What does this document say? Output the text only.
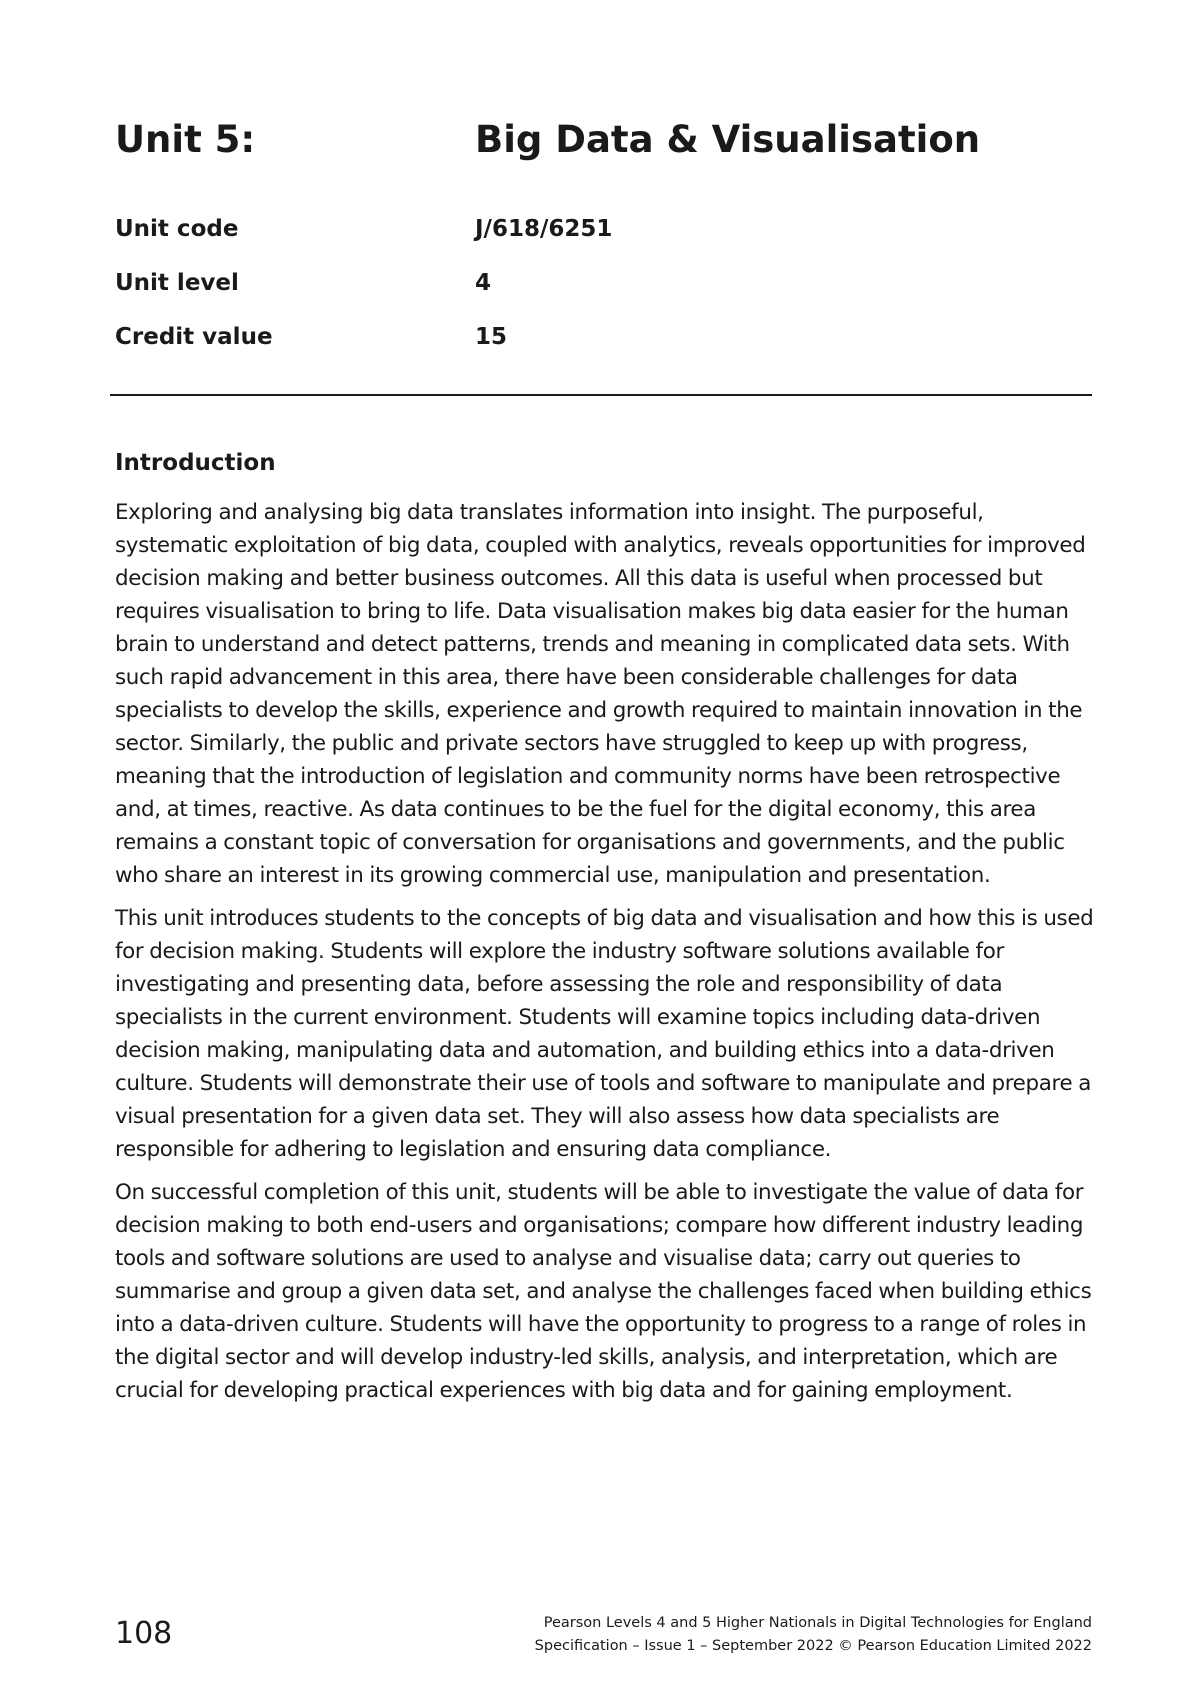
Unit 5:	Big Data & Visualisation
Unit code	J/618/6251
Unit level	4
Credit value	15
Introduction

Exploring and analysing big data translates information into insight. The purposeful, systematic exploitation of big data, coupled with analytics, reveals opportunities for improved decision making and better business outcomes. All this data is useful when processed but requires visualisation to bring to life. Data visualisation makes big data easier for the human brain to understand and detect patterns, trends and meaning in complicated data sets. With such rapid advancement in this area, there have been considerable challenges for data specialists to develop the skills, experience and growth required to maintain innovation in the sector. Similarly, the public and private sectors have struggled to keep up with progress, meaning that the introduction of legislation and community norms have been retrospective and, at times, reactive. As data continues to be the fuel for the digital economy, this area remains a constant topic of conversation for organisations and governments, and the public who share an interest in its growing commercial use, manipulation and presentation.

This unit introduces students to the concepts of big data and visualisation and how this is used for decision making. Students will explore the industry software solutions available for investigating and presenting data, before assessing the role and responsibility of data specialists in the current environment. Students will examine topics including data-driven decision making, manipulating data and automation, and building ethics into a data-driven culture. Students will demonstrate their use of tools and software to manipulate and prepare a visual presentation for a given data set. They will also assess how data specialists are responsible for adhering to legislation and ensuring data compliance.

On successful completion of this unit, students will be able to investigate the value of data for decision making to both end-users and organisations; compare how different industry leading tools and software solutions are used to analyse and visualise data; carry out queries to summarise and group a given data set, and analyse the challenges faced when building ethics into a data-driven culture. Students will have the opportunity to progress to a range of roles in the digital sector and will develop industry-led skills, analysis, and interpretation, which are crucial for developing practical experiences with big data and for gaining employment.

108	Pearson Levels 4 and 5 Higher Nationals in Digital Technologies for England
Specification – Issue 1 – September 2022 © Pearson Education Limited 2022
